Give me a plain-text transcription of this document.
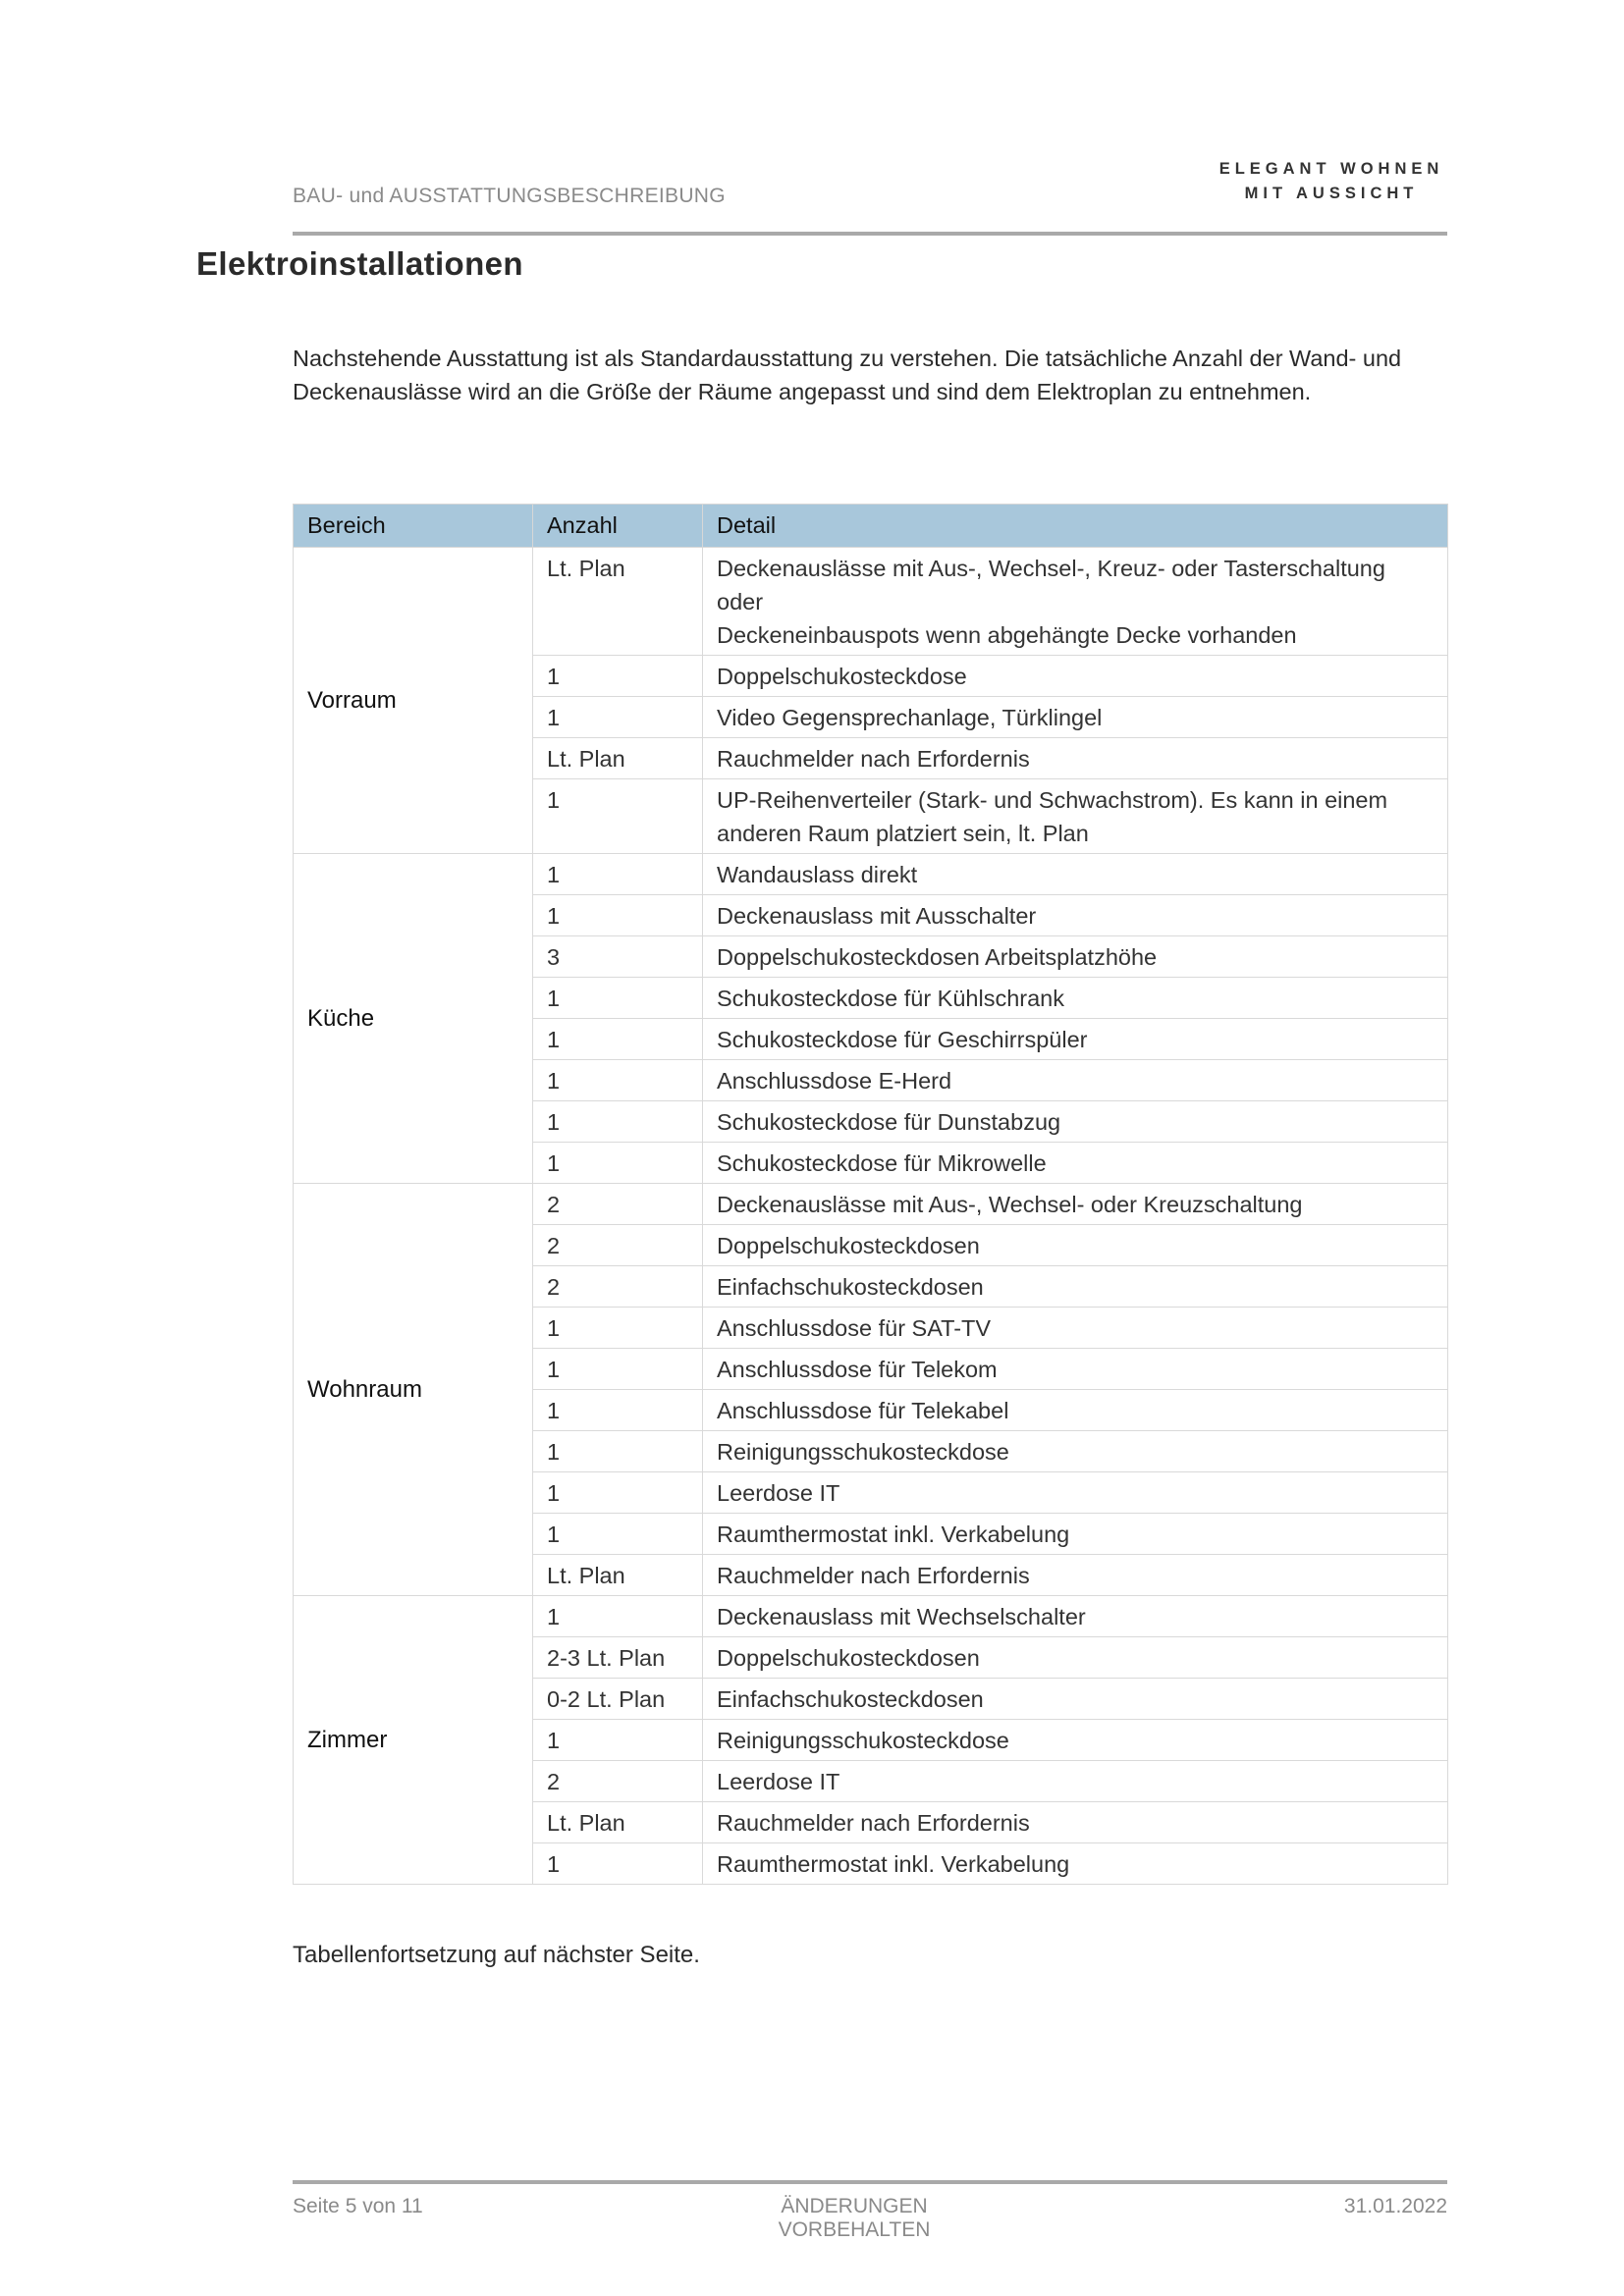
BAU- und AUSSTATTUNGSBESCHREIBUNG
ELEGANT WOHNEN
MIT AUSSICHT
Elektroinstallationen

Nachstehende Ausstattung ist als Standardausstattung zu verstehen. Die tatsächliche Anzahl der Wand- und Deckenauslässe wird an die Größe der Räume angepasst und sind dem Elektroplan zu entnehmen.

Bereich	Anzahl	Detail
Vorraum	Lt. Plan	Deckenauslässe mit Aus-, Wechsel-, Kreuz- oder Tasterschaltung
oder
Deckeneinbauspots wenn abgehängte Decke vorhanden

	1	Doppelschukosteckdose

	1	Video Gegensprechanlage, Türklingel

	Lt. Plan	Rauchmelder nach Erfordernis

	1	UP-Reihenverteiler (Stark- und Schwachstrom). Es kann in einem anderen Raum platziert sein, lt. Plan

Küche	1	Wandauslass direkt

	1	Deckenauslass mit Ausschalter

	3	Doppelschukosteckdosen Arbeitsplatzhöhe

	1	Schukosteckdose für Kühlschrank

	1	Schukosteckdose für Geschirrspüler

	1	Anschlussdose E-Herd

	1	Schukosteckdose für Dunstabzug

	1	Schukosteckdose für Mikrowelle

Wohnraum	2	Deckenauslässe mit Aus-, Wechsel- oder Kreuzschaltung

	2	Doppelschukosteckdosen

	2	Einfachschukosteckdosen

	1	Anschlussdose für SAT-TV

	1	Anschlussdose für Telekom

	1	Anschlussdose für Telekabel

	1	Reinigungsschukosteckdose

	1	Leerdose IT

	1	Raumthermostat inkl. Verkabelung

	Lt. Plan	Rauchmelder nach Erfordernis

Zimmer	1	Deckenauslass mit Wechselschalter

	2-3 Lt. Plan	Doppelschukosteckdosen

	0-2 Lt. Plan	Einfachschukosteckdosen

	1	Reinigungsschukosteckdose

	2	Leerdose IT

	Lt. Plan	Rauchmelder nach Erfordernis

	1	Raumthermostat inkl. Verkabelung
Tabellenfortsetzung auf nächster Seite.
Seite 5 von 11	ÄNDERUNGEN VORBEHALTEN
31.01.2022
